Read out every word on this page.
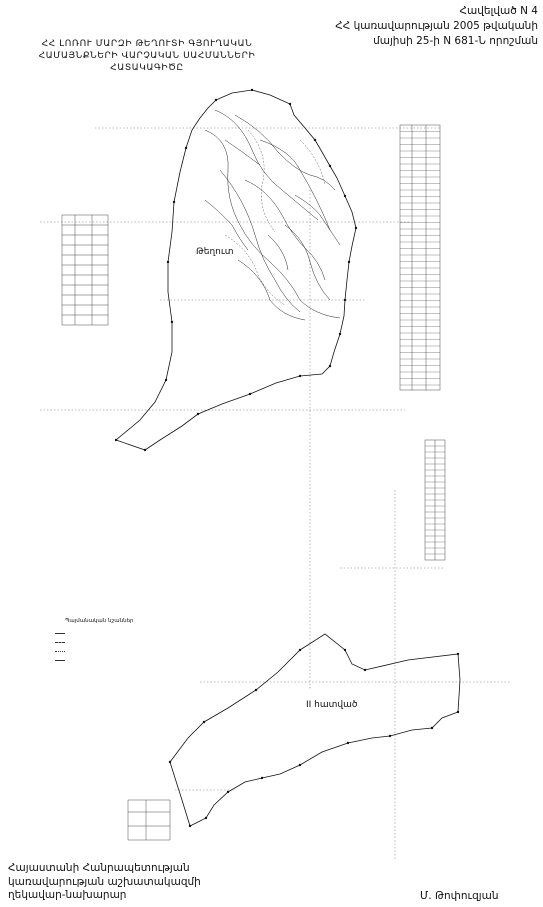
Հավելված N 4
ՀՀ կառավարության 2005 թվականի
մայիսի 25-ի N 681-Ն որոշման
ՀՀ ԼՈՌՈՒ ՄԱՐԶԻ ԹԵՂՈՒՏԻ ԳՅՈՒՂԱԿԱՆ
ՀԱՄԱՅՆՔՆԵՐԻ ՎԱՐՉԱԿԱՆ ՍԱՀՄԱՆՆԵՐԻ
ՀԱՏԱԿԱԳԻԾԸ
Թեղուտ
II հատված
Պայմանական նշաններ
Հայաստանի Հանրապետության
կառավարության աշխատակազմի
ղեկավար-նախարար	Մ. Թոփուզյան
